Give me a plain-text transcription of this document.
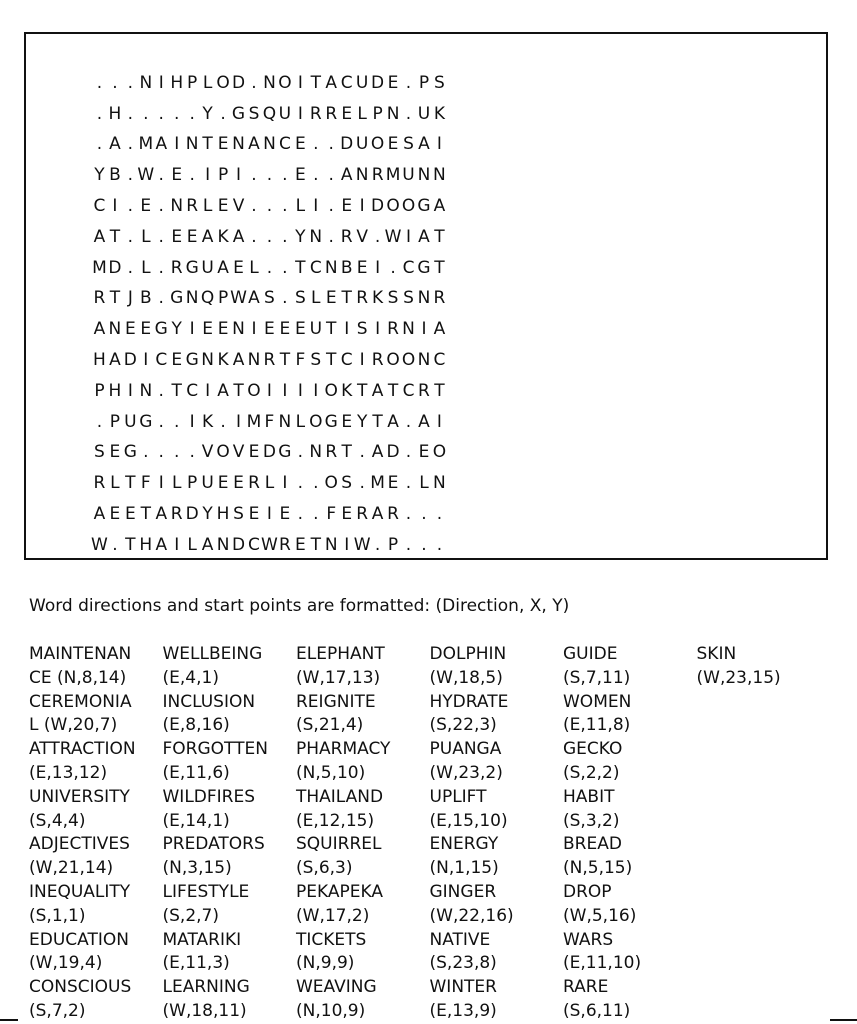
. . . N I H P L O D . N O I T A C U D E . P S
. H . . . . . Y . G S Q U I R R E L P N . U K
. A . M A I N T E N A N C E . . D U O E S A I
Y B . W . E . I P I . . . E . . A N R M U N N
C I . E . N R L E V . . . L I . E I D O O G A
A T . L . E E A K A . . . Y N . R V . W I A T
M D . L . R G U A E L . . T C N B E I . C G T
R T J B . G N Q P W A S . S L E T R K S S N R
A N E E G Y I E E N I E E E U T I S I R N I A
H A D I C E G N K A N R T F S T C I R O O N C
P H I N . T C I A T O I I I I O K T A T C R T
. P U G . . I K . I M F N L O G E Y T A . A I
S E G . . . . V O V E D G . N R T . A D . E O
R L T F I L P U E E R L I . . O S . M E . L N
A E E T A R D Y H S E I E . . F E R A R . . .
W . T H A I L A N D C W R E T N I W . P . . .
Word directions and start points are formatted: (Direction, X, Y)
MAINTENANCE (N,8,14)
CEREMONIAL (W,20,7)
ATTRACTION (E,13,12)
UNIVERSITY (S,4,4)
ADJECTIVES (W,21,14)
INEQUALITY (S,1,1)
EDUCATION (W,19,4)
CONSCIOUS (S,7,2)
WELLBEING (E,4,1)
INCLUSION (E,8,16)
FORGOTTEN (E,11,6)
WILDFIRES (E,14,1)
PREDATORS (N,3,15)
LIFESTYLE (S,2,7)
MATARIKI (E,11,3)
LEARNING (W,18,11)
ELEPHANT (W,17,13)
REIGNITE (S,21,4)
PHARMACY (N,5,10)
THAILAND (E,12,15)
SQUIRREL (S,6,3)
PEKAPEKA (W,17,2)
TICKETS (N,9,9)
WEAVING (N,10,9)
DOLPHIN (W,18,5)
HYDRATE (S,22,3)
PUANGA (W,23,2)
UPLIFT (E,15,10)
ENERGY (N,1,15)
GINGER (W,22,16)
NATIVE (S,23,8)
WINTER (E,13,9)
GUIDE (S,7,11)
WOMEN (E,11,8)
GECKO (S,2,2)
HABIT (S,3,2)
BREAD (N,5,15)
DROP (W,5,16)
WARS (E,11,10)
RARE (S,6,11)
SKIN (W,23,15)
